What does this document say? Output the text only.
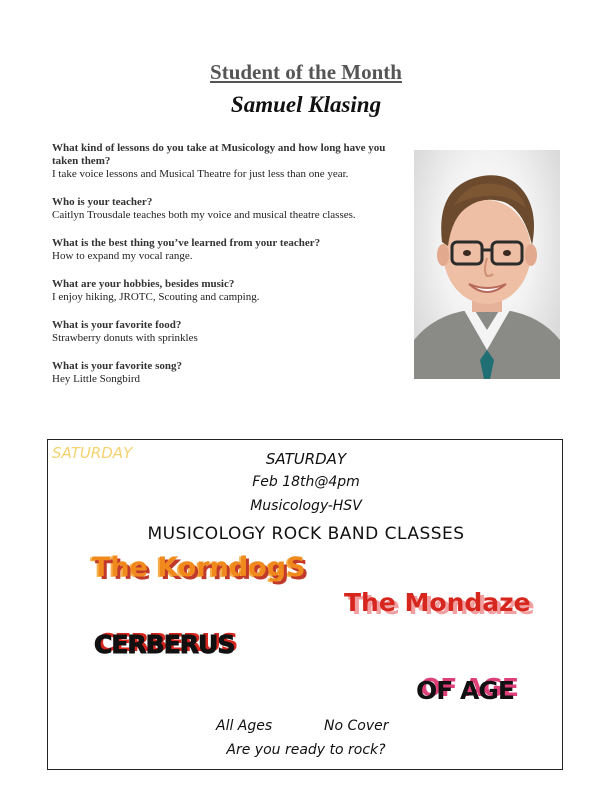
Student of the Month
Samuel Klasing
What kind of lessons do you take at Musicology and how long have you taken them?
I take voice lessons and Musical Theatre for just less than one year.
Who is your teacher?
Caitlyn Trousdale teaches both my voice and musical theatre classes.
What is the best thing you’ve learned from your teacher?
How to expand my vocal range.
What are your hobbies, besides music?
I enjoy hiking, JROTC, Scouting and camping.
What is your favorite food?
Strawberry donuts with sprinkles
What is your favorite song?
Hey Little Songbird
SATURDAY SATURDAY
Feb 18th@4pm
Musicology-HSV
MUSICOLOGY ROCK BAND CLASSES
The KorndogS
The Mondaze
CERBERUS
OF AGE
All Ages	No Cover
Are you ready to rock?
